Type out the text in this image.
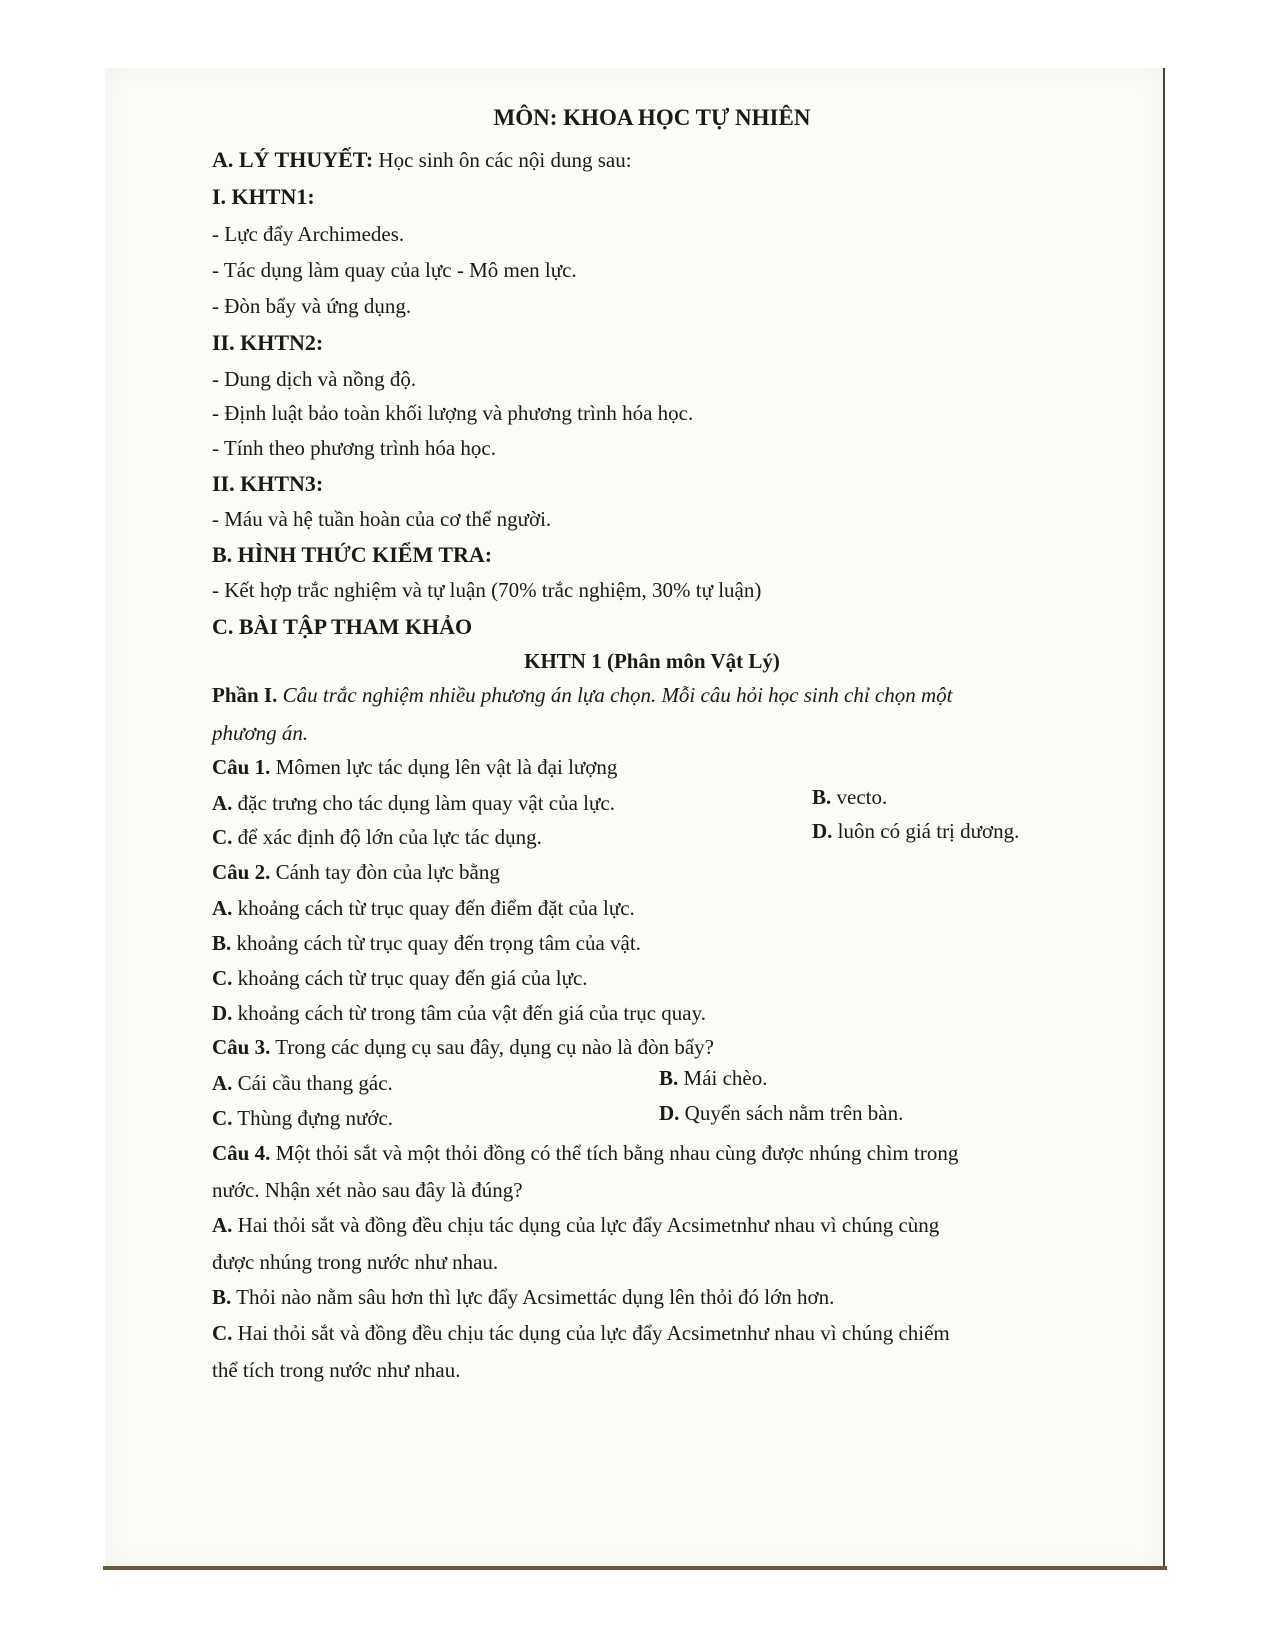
MÔN: KHOA HỌC TỰ NHIÊN
A. LÝ THUYẾT: Học sinh ôn các nội dung sau:
I. KHTN1:
- Lực đẩy Archimedes.
- Tác dụng làm quay của lực - Mô men lực.
- Đòn bẩy và ứng dụng.
II. KHTN2:
- Dung dịch và nồng độ.
- Định luật bảo toàn khối lượng và phương trình hóa học.
- Tính theo phương trình hóa học.
II. KHTN3:
- Máu và hệ tuần hoàn của cơ thể người.
B. HÌNH THỨC KIỂM TRA:
- Kết hợp trắc nghiệm và tự luận (70% trắc nghiệm, 30% tự luận)
C. BÀI TẬP THAM KHẢO
KHTN 1 (Phân môn Vật Lý)
Phần I. Câu trắc nghiệm nhiều phương án lựa chọn. Mỗi câu hỏi học sinh chỉ chọn một
phương án.
Câu 1. Mômen lực tác dụng lên vật là đại lượng
A. đặc trưng cho tác dụng làm quay vật của lực.	B. vecto.
C. để xác định độ lớn của lực tác dụng.	D. luôn có giá trị dương.
Câu 2. Cánh tay đòn của lực bằng
A. khoảng cách từ trục quay đến điểm đặt của lực.
B. khoảng cách từ trục quay đến trọng tâm của vật.
C. khoảng cách từ trục quay đến giá của lực.
D. khoảng cách từ trong tâm của vật đến giá của trục quay.
Câu 3. Trong các dụng cụ sau đây, dụng cụ nào là đòn bẩy?
A. Cái cầu thang gác.	B. Mái chèo.
C. Thùng đựng nước.	D. Quyển sách nằm trên bàn.
Câu 4. Một thỏi sắt và một thỏi đồng có thể tích bằng nhau cùng được nhúng chìm trong
nước. Nhận xét nào sau đây là đúng?
A. Hai thỏi sắt và đồng đều chịu tác dụng của lực đẩy Acsimetnhư nhau vì chúng cùng
được nhúng trong nước như nhau.
B. Thỏi nào nằm sâu hơn thì lực đẩy Acsimettác dụng lên thỏi đó lớn hơn.
C. Hai thỏi sắt và đồng đều chịu tác dụng của lực đẩy Acsimetnhư nhau vì chúng chiếm
thể tích trong nước như nhau.
